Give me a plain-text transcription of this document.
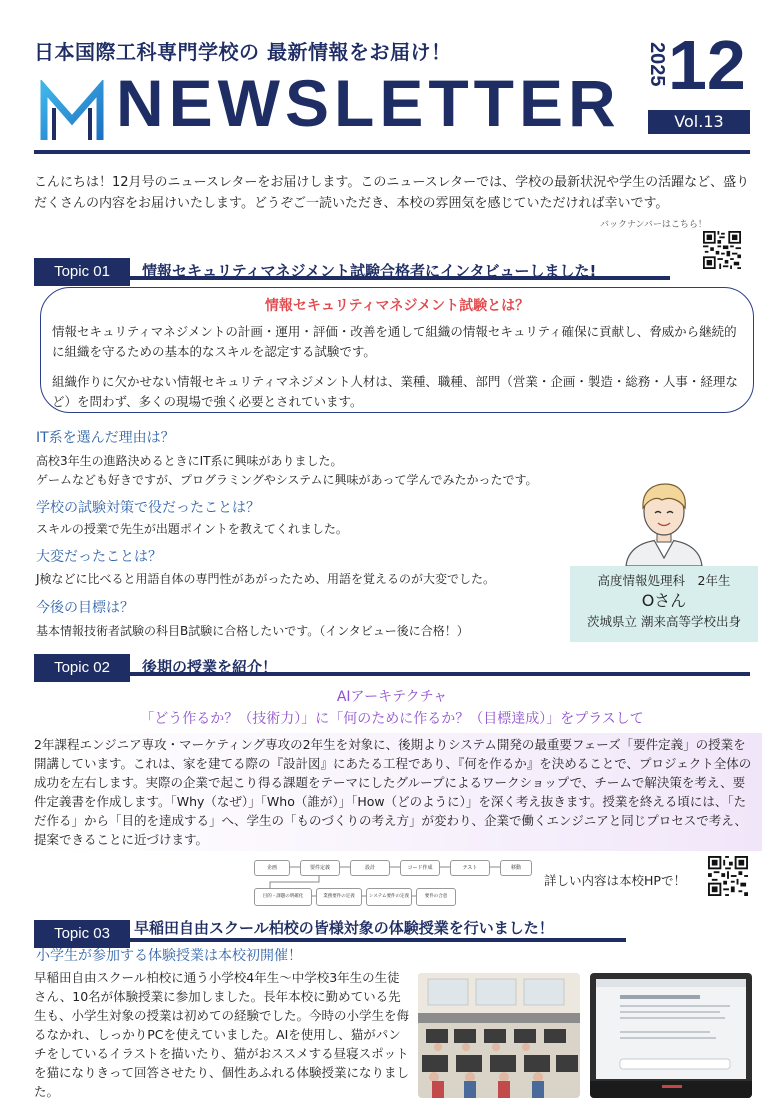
日本国際工科専門学校の 最新情報をお届け！
NEWSLETTER
2025 12
Vol.13
こんにちは！12月号のニュースレターをお届けします。このニュースレターでは、学校の最新状況や学生の活躍など、盛りだくさんの内容をお届けいたします。どうぞご一読いただき、本校の雰囲気を感じていただければ幸いです。
バックナンバーはこちら！
Topic 01	情報セキュリティマネジメント試験合格者にインタビューしました!
情報セキュリティマネジメント試験とは？
情報セキュリティマネジメントの計画・運用・評価・改善を通して組織の情報セキュリティ確保に貢献し、脅威から継続的に組織を守るための基本的なスキルを認定する試験です。
組織作りに欠かせない情報セキュリティマネジメント人材は、業種、職種、部門（営業・企画・製造・総務・人事・経理など）を問わず、多くの現場で強く必要とされています。
IT系を選んだ理由は？
高校3年生の進路決めるときにIT系に興味がありました。
ゲームなども好きですが、プログラミングやシステムに興味があって学んでみたかったです。
学校の試験対策で役だったことは？
スキルの授業で先生が出題ポイントを教えてくれました。
大変だったことは？
J検などに比べると用語自体の専門性があがったため、用語を覚えるのが大変でした。
今後の目標は？
基本情報技術者試験の科目B試験に合格したいです。（インタビュー後に合格！）
高度情報処理科　2年生
Oさん
茨城県立 潮来高等学校出身
Topic 02	後期の授業を紹介！
AIアーキテクチャ
「どう作るか？（技術力）」に「何のために作るか？（目標達成）」をプラスして
2年課程エンジニア専攻・マーケティング専攻の2年生を対象に、後期よりシステム開発の最重要フェーズ「要件定義」の授業を開講しています。これは、家を建てる際の『設計図』にあたる工程であり、『何を作るか』を決めることで、プロジェクト全体の成功を左右します。実際の企業で起こり得る課題をテーマにしたグループによるワークショップで、チームで解決策を考え、要件定義書を作成します。「Why（なぜ）」「Who（誰が）」「How（どのように）」を深く考え抜きます。授業を終える頃には、「ただ作る」から「目的を達成する」へ、学生の「ものづくりの考え方」が変わり、企業で働くエンジニアと同じプロセスで考え、提案できることに近づけます。
企画	要件定義	設計	コード作成	テスト	移動
目的・課題の明確化	業務要件の定義	システム要件の定義	要件の合意
詳しい内容は本校HPで！
Topic 03	早稲田自由スクール柏校の皆様対象の体験授業を行いました！
小学生が参加する体験授業は本校初開催！
早稲田自由スクール柏校に通う小学校4年生〜中学校3年生の生徒さん、10名が体験授業に参加しました。長年本校に勤めている先生も、小学生対象の授業は初めての経験でした。今時の小学生を侮るなかれ、しっかりPCを使えていました。AIを使用し、猫がパンチをしているイラストを描いたり、猫がおススメする昼寝スポットを猫になりきって回答させたり、個性あふれる体験授業になりました。
